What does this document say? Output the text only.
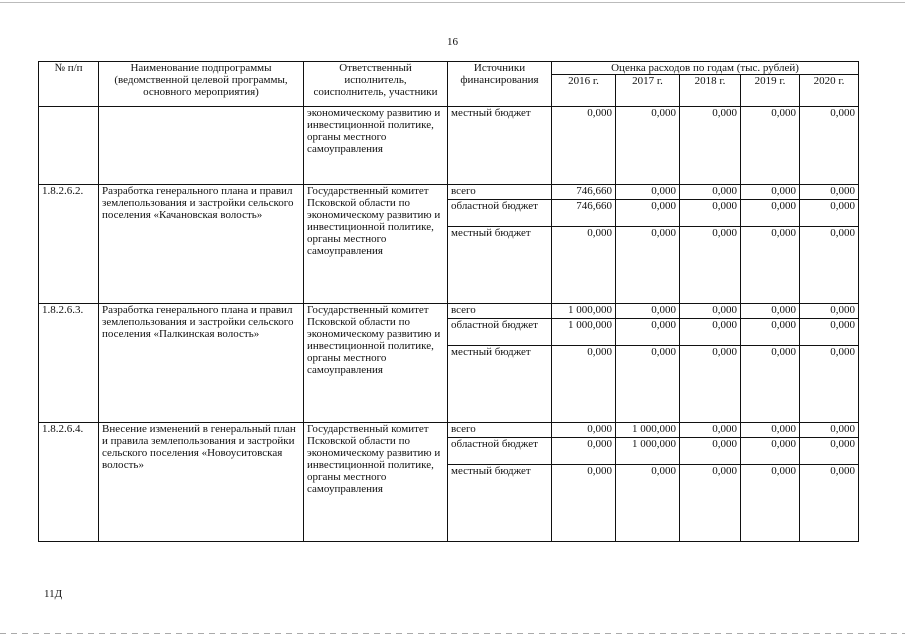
16
№ п/п	Наименование подпрограммы (ведомственной целевой программы, основного мероприятия)	Ответственный исполнитель, соисполнитель, участники	Источники финансирования	Оценка расходов по годам (тыс. рублей)				
				2016 г.	2017 г.	2018 г.	2019 г.	2020 г.
		экономическому развитию и инвестиционной политике, органы местного самоуправления	местный бюджет	0,000	0,000	0,000	0,000	0,000
1.8.2.6.2.	Разработка генерального плана и правил землепользования и застройки сельского поселения «Качановская волость»	Государственный комитет Псковской области по экономическому развитию и инвестиционной политике, органы местного самоуправления	всего	746,660	0,000	0,000	0,000	0,000
			областной бюджет	746,660	0,000	0,000	0,000	0,000
			местный бюджет	0,000	0,000	0,000	0,000	0,000
1.8.2.6.3.	Разработка генерального плана и правил землепользования и застройки сельского поселения «Палкинская волость»	Государственный комитет Псковской области по экономическому развитию и инвестиционной политике, органы местного самоуправления	всего	1 000,000	0,000	0,000	0,000	0,000
			областной бюджет	1 000,000	0,000	0,000	0,000	0,000
			местный бюджет	0,000	0,000	0,000	0,000	0,000
1.8.2.6.4.	Внесение изменений в генеральный план и правила землепользования и застройки сельского поселения «Новоуситовская волость»	Государственный комитет Псковской области по экономическому развитию и инвестиционной политике, органы местного самоуправления	всего	0,000	1 000,000	0,000	0,000	0,000
			областной бюджет	0,000	1 000,000	0,000	0,000	0,000
			местный бюджет	0,000	0,000	0,000	0,000	0,000
11Д
